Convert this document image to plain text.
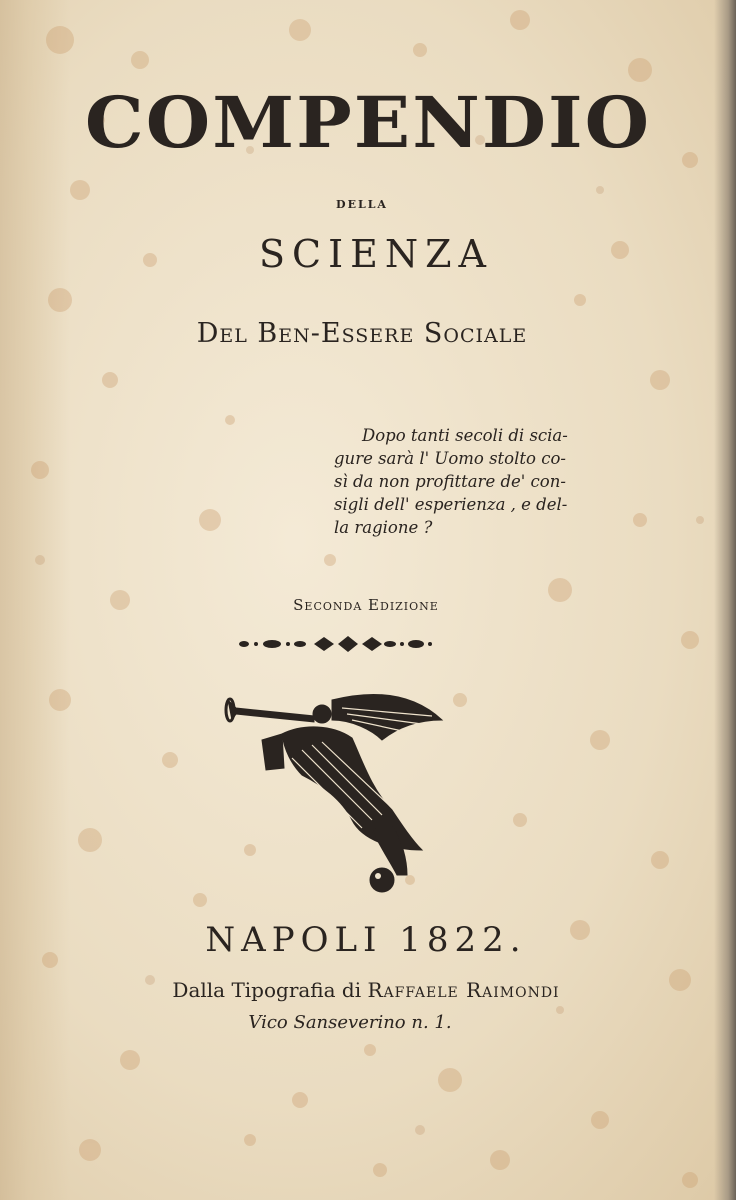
COMPENDIO
della
SCIENZA
Del Ben-Essere Sociale

Dopo tanti secoli di scia-
gure sarà l' Uomo stolto co-
sì da non profittare de' con-
sigli dell' esperienza , e del-
la ragione ?

Seconda Edizione
NAPOLI 1822.
Dalla Tipografia di Raffaele Raimondi
Vico Sanseverino n. 1.
